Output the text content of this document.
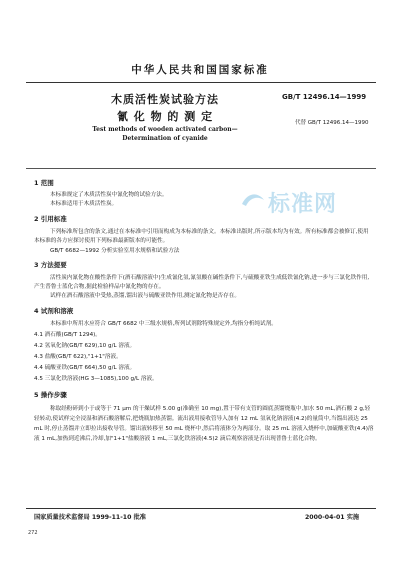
中华人民共和国国家标准
木质活性炭试验方法
氰 化 物 的 测 定
GB/T 12496.14—1999
代替 GB/T 12496.14—1990
Test methods of wooden activated carbon—
Determination of cyanide
标准网
1 范围
本标准规定了木质活性炭中氰化物的试验方法。
本标准适用于木质活性炭。
2 引用标准
下列标准所包含的条文,通过在本标准中引用而构成为本标准的条文。本标准出版时,所示版本均为有效。所有标准都会被修订,使用本标准的各方应探讨使用下列标准最新版本的可能性。
GB/T 6682—1992 分析实验室用水规格和试验方法
3 方法提要
活性炭内氰化物在酸性条件下(酒石酸溶液中)生成氰化氢,氰氢酸在碱性条件下,与硫酸亚铁生成低铁氰化钠,进一步与三氯化铁作用,产生普鲁士蓝化合物,据此检验样品中氰化物的存在。
试样在酒石酸溶液中受热,蒸馏,馏出液与硫酸亚铁作用,测定氰化物是否存在。
4 试剂和溶液
本标准中所用水应符合 GB/T 6682 中三级水规格,所列试剂除特殊规定外,均指分析纯试剂。
4.1 酒石酸(GB/T 1294)。
4.2 氢氧化钠(GB/T 629),10 g/L 溶液。
4.3 盐酸(GB/T 622),"1+1"溶液。
4.4 硫酸亚铁(GB/T 664),50 g/L 溶液。
4.5 三氯化铁溶液(HG 3—1085),100 g/L 溶液。
5 操作步骤
称取经粉碎到小于或等于 71 μm 的干燥试样 5.00 g(准确至 10 mg),置于带有支管的圆底蒸馏烧瓶中,加水 50 mL,酒石酸 2 g,轻轻转动,使试样完全浸湿和酒石酸溶解后,把烧瓶加热蒸馏。流出液用接收管导入加有 12 mL 氢氧化钠溶液(4.2)的量筒中,当馏出液达 25 mL 时,停止蒸馏并立即拉出接收导管。馏出液转移至 50 mL 烧杯中,然后将液体分为两部分。取 25 mL 溶液入烧杯中,加硫酸亚铁(4.4)溶液 1 mL,加热到近沸后,冷却,加"1+1"盐酸溶液 1 mL,三氯化铁溶液(4.5)2 滴后观察溶液是否出现普鲁士蓝化合物。
国家质量技术监督局 1999-11-10 批准	2000-04-01 实施
272
